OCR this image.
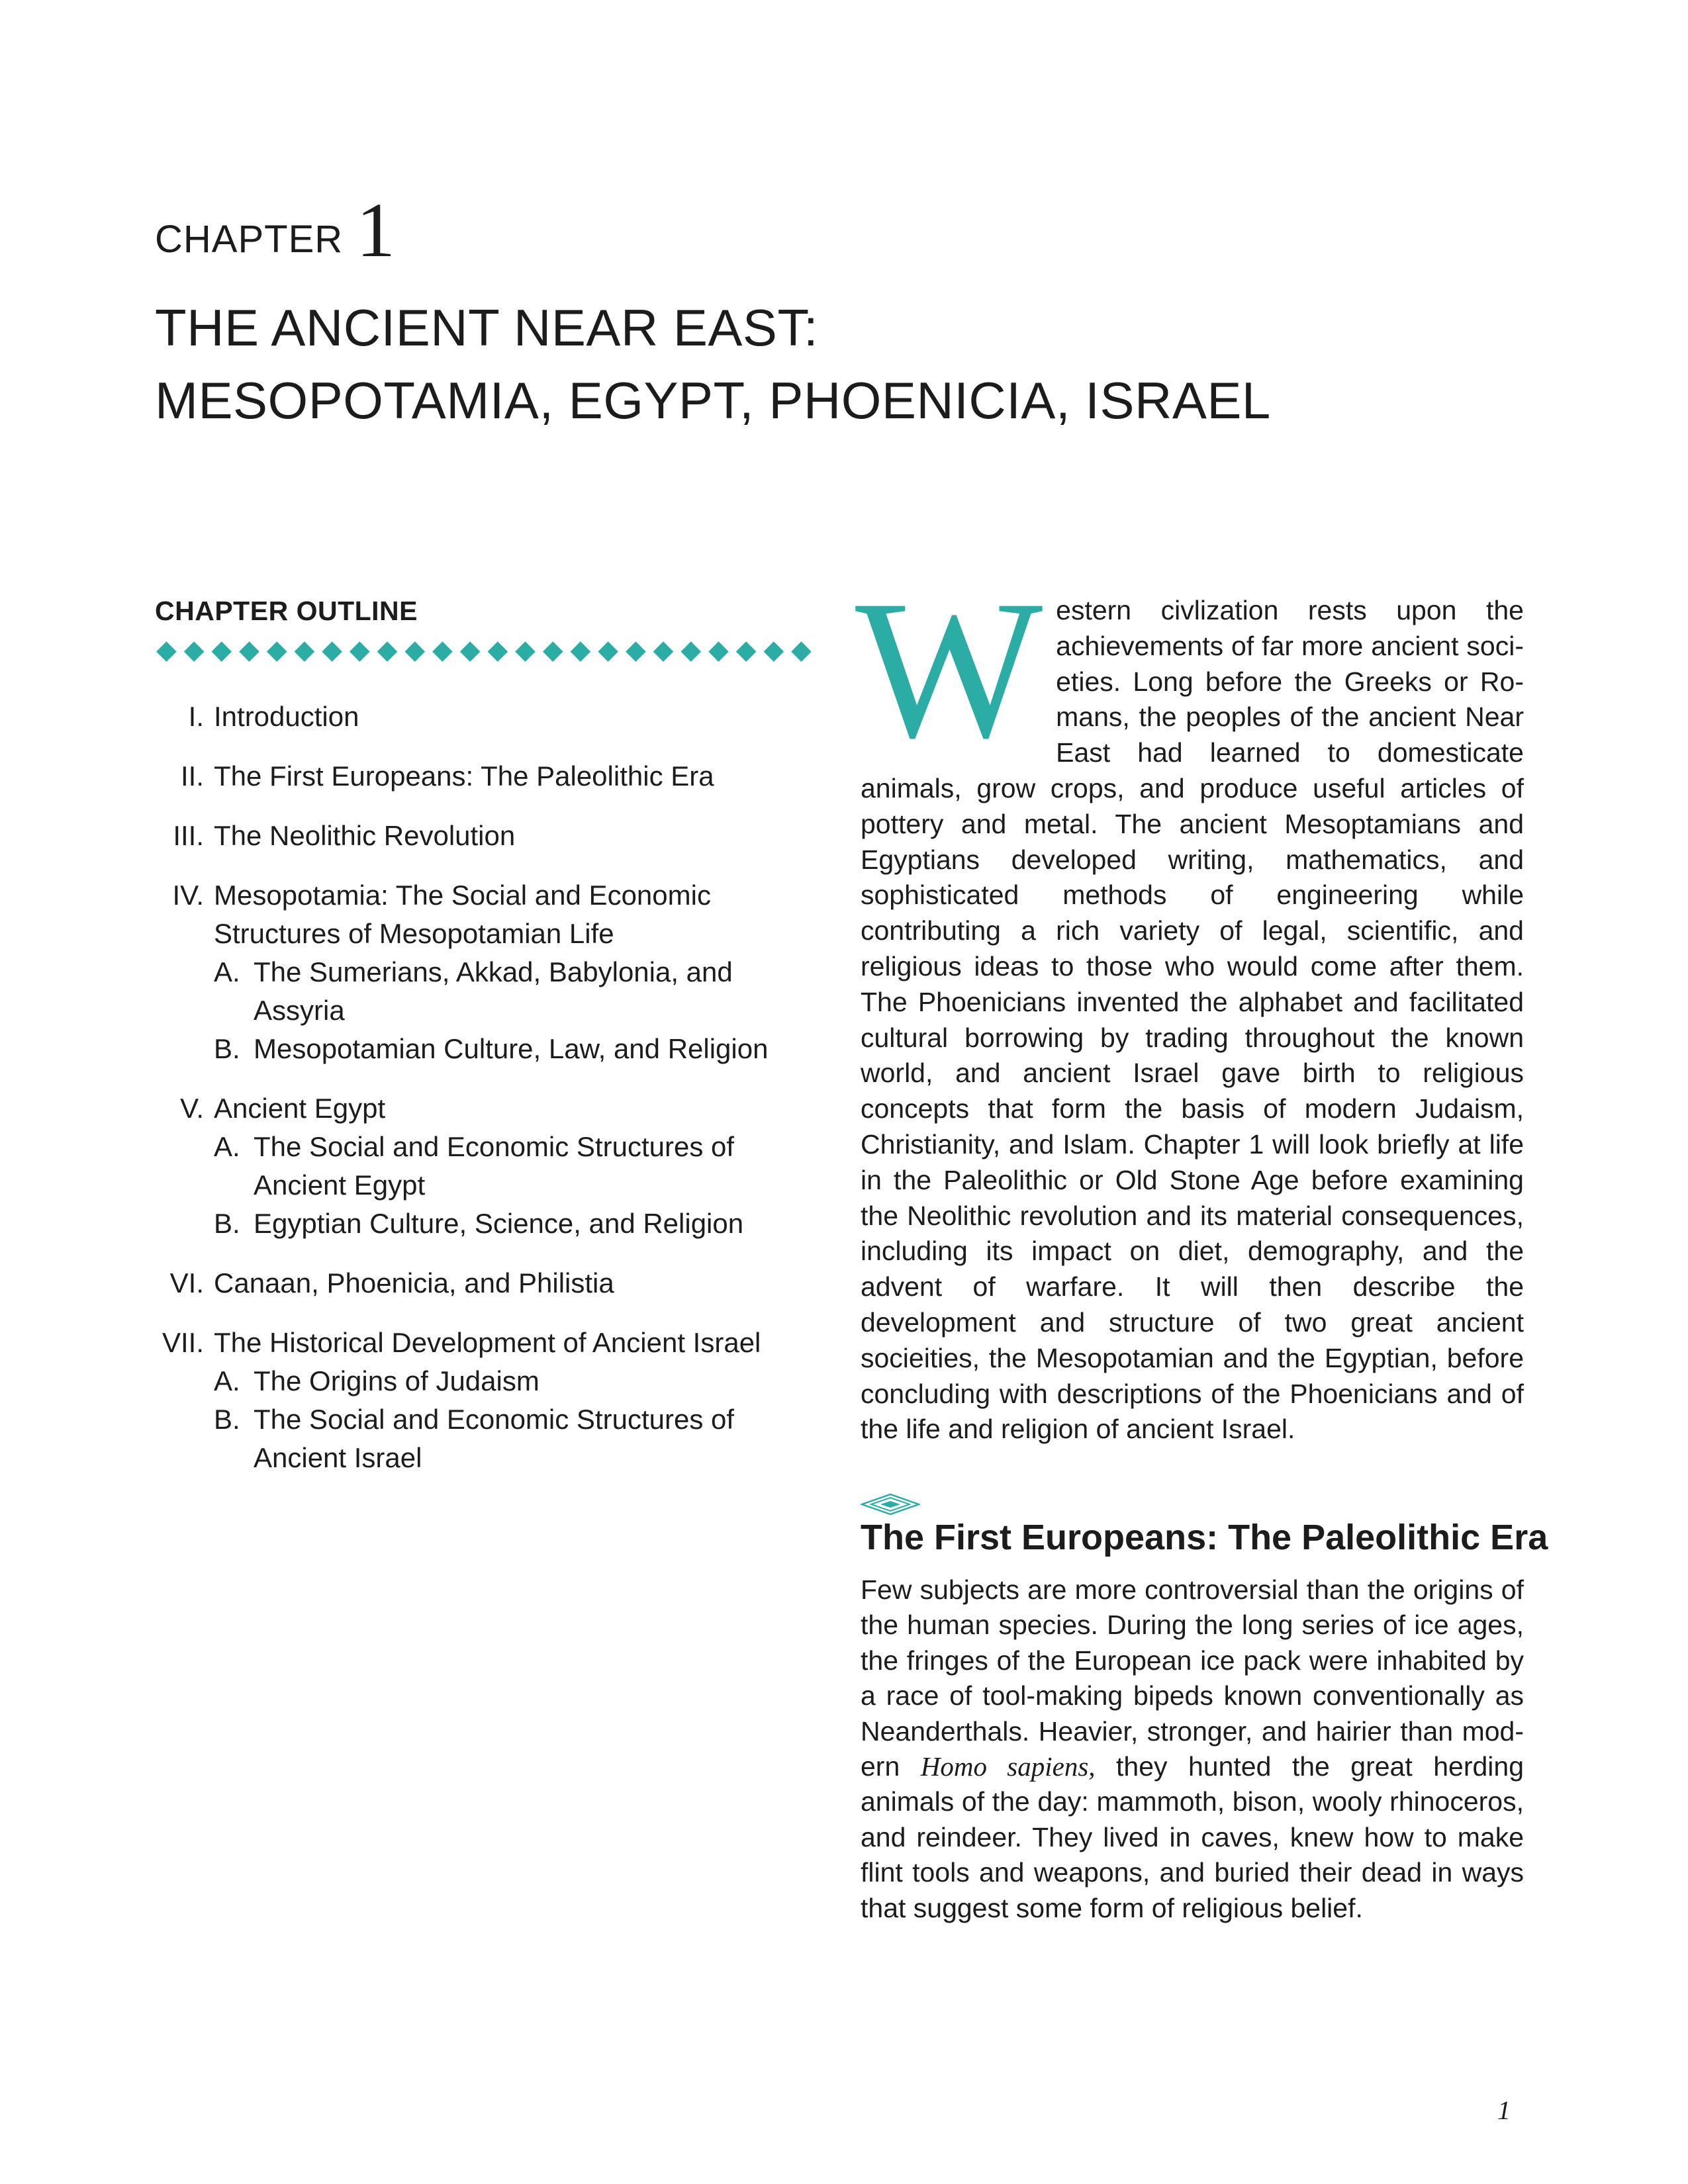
CHAPTER 1
THE ANCIENT NEAR EAST:
MESOPOTAMIA, EGYPT, PHOENICIA, ISRAEL
CHAPTER OUTLINE
◆ ◆ ◆ ◆ ◆ ◆ ◆ ◆ ◆ ◆ ◆ ◆ ◆ ◆ ◆ ◆ ◆ ◆ ◆ ◆ ◆ ◆ ◆ ◆
I. Introduction
II. The First Europeans: The Paleolithic Era
III. The Neolithic Revolution
IV. Mesopotamia: The Social and Economic Structures of Mesopotamian Life
A. The Sumerians, Akkad, Babylonia, and Assyria
B. Mesopotamian Culture, Law, and Religion
V. Ancient Egypt
A. The Social and Economic Structures of Ancient Egypt
B. Egyptian Culture, Science, and Religion
VI. Canaan, Phoenicia, and Philistia
VII. The Historical Development of Ancient Israel
A. The Origins of Judaism
B. The Social and Economic Structures of Ancient Israel
Western civlization rests upon the achievements of far more ancient societies. Long before the Greeks or Romans, the peoples of the ancient Near East had learned to domesticate animals, grow crops, and produce useful articles of pottery and metal. The ancient Mesoptamians and Egyptians developed writing, mathematics, and sophisticated methods of engineering while contributing a rich variety of legal, scientific, and religious ideas to those who would come after them. The Phoenicians invented the alphabet and facilitated cultural borrowing by trading throughout the known world, and ancient Israel gave birth to religious concepts that form the basis of modern Judaism, Christianity, and Islam. Chapter 1 will look briefly at life in the Paleolithic or Old Stone Age before examining the Neolithic revolution and its material consequences, including its impact on diet, demography, and the advent of warfare. It will then describe the development and structure of two great ancient socieities, the Mesopotamian and the Egyptian, before concluding with descriptions of the Phoenicians and of the life and religion of ancient Israel.
The First Europeans: The Paleolithic Era
Few subjects are more controversial than the origins of the human species. During the long series of ice ages, the fringes of the European ice pack were inhabited by a race of tool-making bipeds known conventionally as Neanderthals. Heavier, stronger, and hairier than modern Homo sapiens, they hunted the great herding animals of the day: mammoth, bison, wooly rhinoceros, and reindeer. They lived in caves, knew how to make flint tools and weapons, and buried their dead in ways that suggest some form of religious belief.
1
